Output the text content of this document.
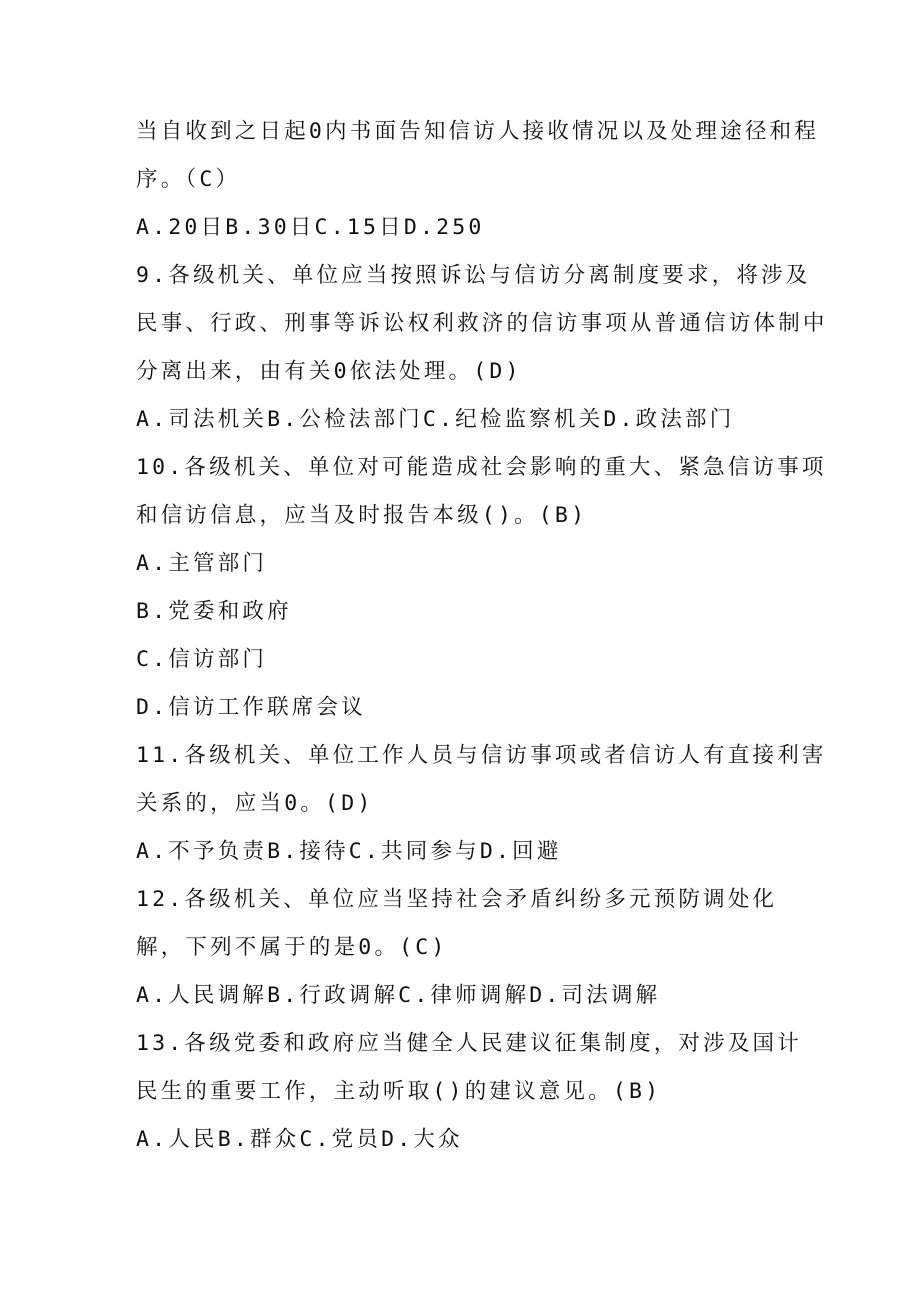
当自收到之日起0内书面告知信访人接收情况以及处理途径和程

序。（C）

A.20日B.30日C.15日D.250

9.各级机关、单位应当按照诉讼与信访分离制度要求，将涉及

民事、行政、刑事等诉讼权利救济的信访事项从普通信访体制中

分离出来，由有关0依法处理。(D)

A.司法机关B.公检法部门C.纪检监察机关D.政法部门

10.各级机关、单位对可能造成社会影响的重大、紧急信访事项

和信访信息，应当及时报告本级()。(B)

A.主管部门

B.党委和政府

C.信访部门

D.信访工作联席会议

11.各级机关、单位工作人员与信访事项或者信访人有直接利害

关系的，应当0。(D)

A.不予负责B.接待C.共同参与D.回避

12.各级机关、单位应当坚持社会矛盾纠纷多元预防调处化

解，下列不属于的是0。(C)

A.人民调解B.行政调解C.律师调解D.司法调解

13.各级党委和政府应当健全人民建议征集制度，对涉及国计

民生的重要工作，主动听取()的建议意见。(B)

A.人民B.群众C.党员D.大众
